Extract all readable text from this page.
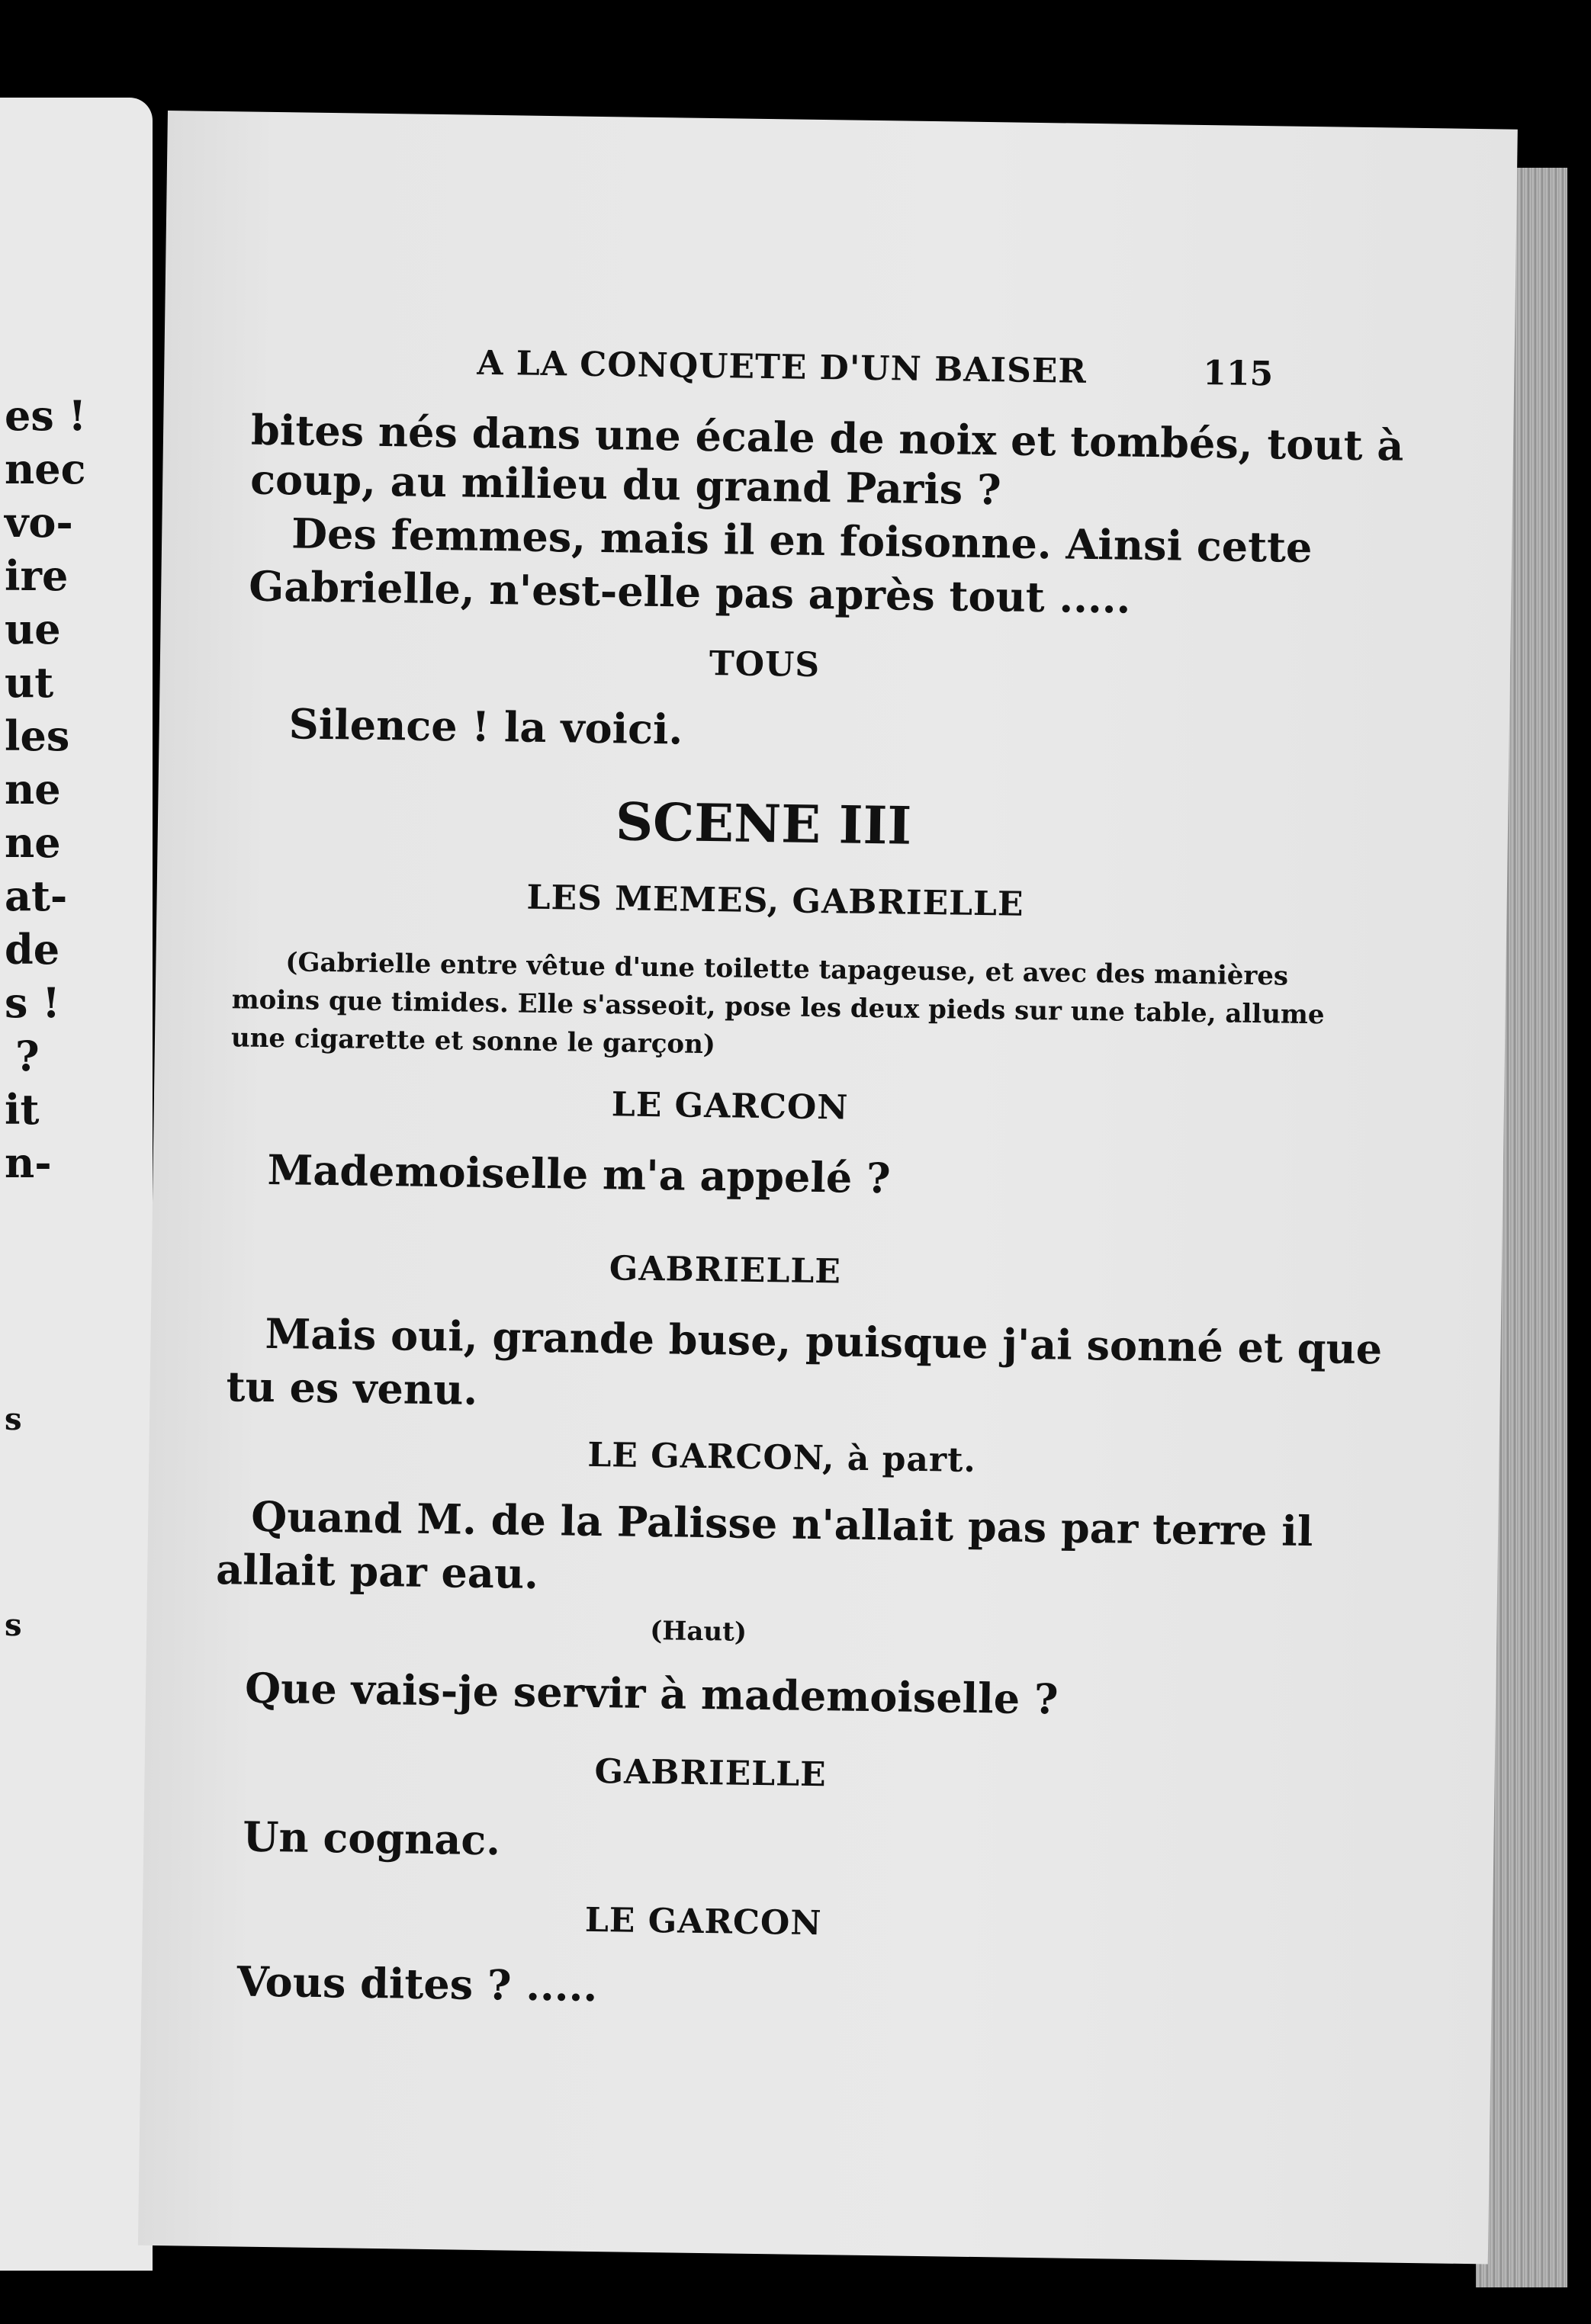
es !
nec
vo-
ire
ue
ut
les
ne
ne
at-
de
s !
?
it
n-
s
s
A LA CONQUETE D'UN BAISER	115
bites nés dans une écale de noix et tombés, tout à
coup, au milieu du grand Paris ?
Des femmes, mais il en foisonne. Ainsi cette
Gabrielle, n'est-elle pas après tout .....
TOUS
Silence ! la voici.
SCENE III
LES MEMES, GABRIELLE
(Gabrielle entre vêtue d'une toilette tapageuse, et avec des manières
moins que timides. Elle s'asseoit, pose les deux pieds sur une table, allume
une cigarette et sonne le garçon)
LE GARCON
Mademoiselle m'a appelé ?
GABRIELLE
Mais oui, grande buse, puisque j'ai sonné et que
tu es venu.
LE GARCON, à part.
Quand M. de la Palisse n'allait pas par terre il
allait par eau.
(Haut)
Que vais-je servir à mademoiselle ?
GABRIELLE
Un cognac.
LE GARCON
Vous dites ? .....
